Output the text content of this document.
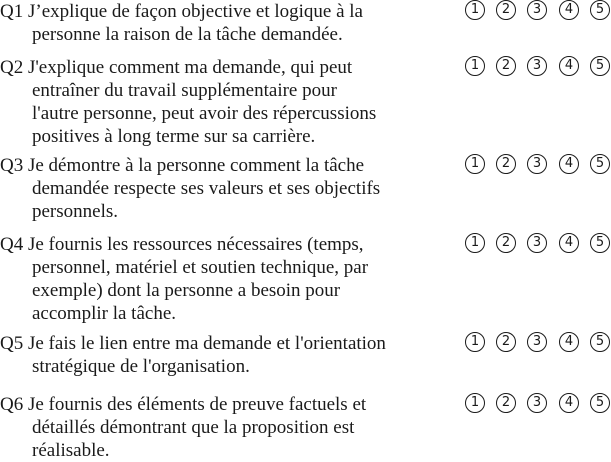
Q1 J’explique de façon objective et logique à la
personne la raison de la tâche demandée.
1	2	3	4	5
Q2 J'explique comment ma demande, qui peut
entraîner du travail supplémentaire pour
l'autre personne, peut avoir des répercussions
positives à long terme sur sa carrière.
1	2	3	4	5
Q3 Je démontre à la personne comment la tâche
demandée respecte ses valeurs et ses objectifs
personnels.
1	2	3	4	5
Q4 Je fournis les ressources nécessaires (temps,
personnel, matériel et soutien technique, par
exemple) dont la personne a besoin pour
accomplir la tâche.
1	2	3	4	5
Q5 Je fais le lien entre ma demande et l'orientation
stratégique de l'organisation.
1	2	3	4	5
Q6 Je fournis des éléments de preuve factuels et
détaillés démontrant que la proposition est
réalisable.
1	2	3	4	5
